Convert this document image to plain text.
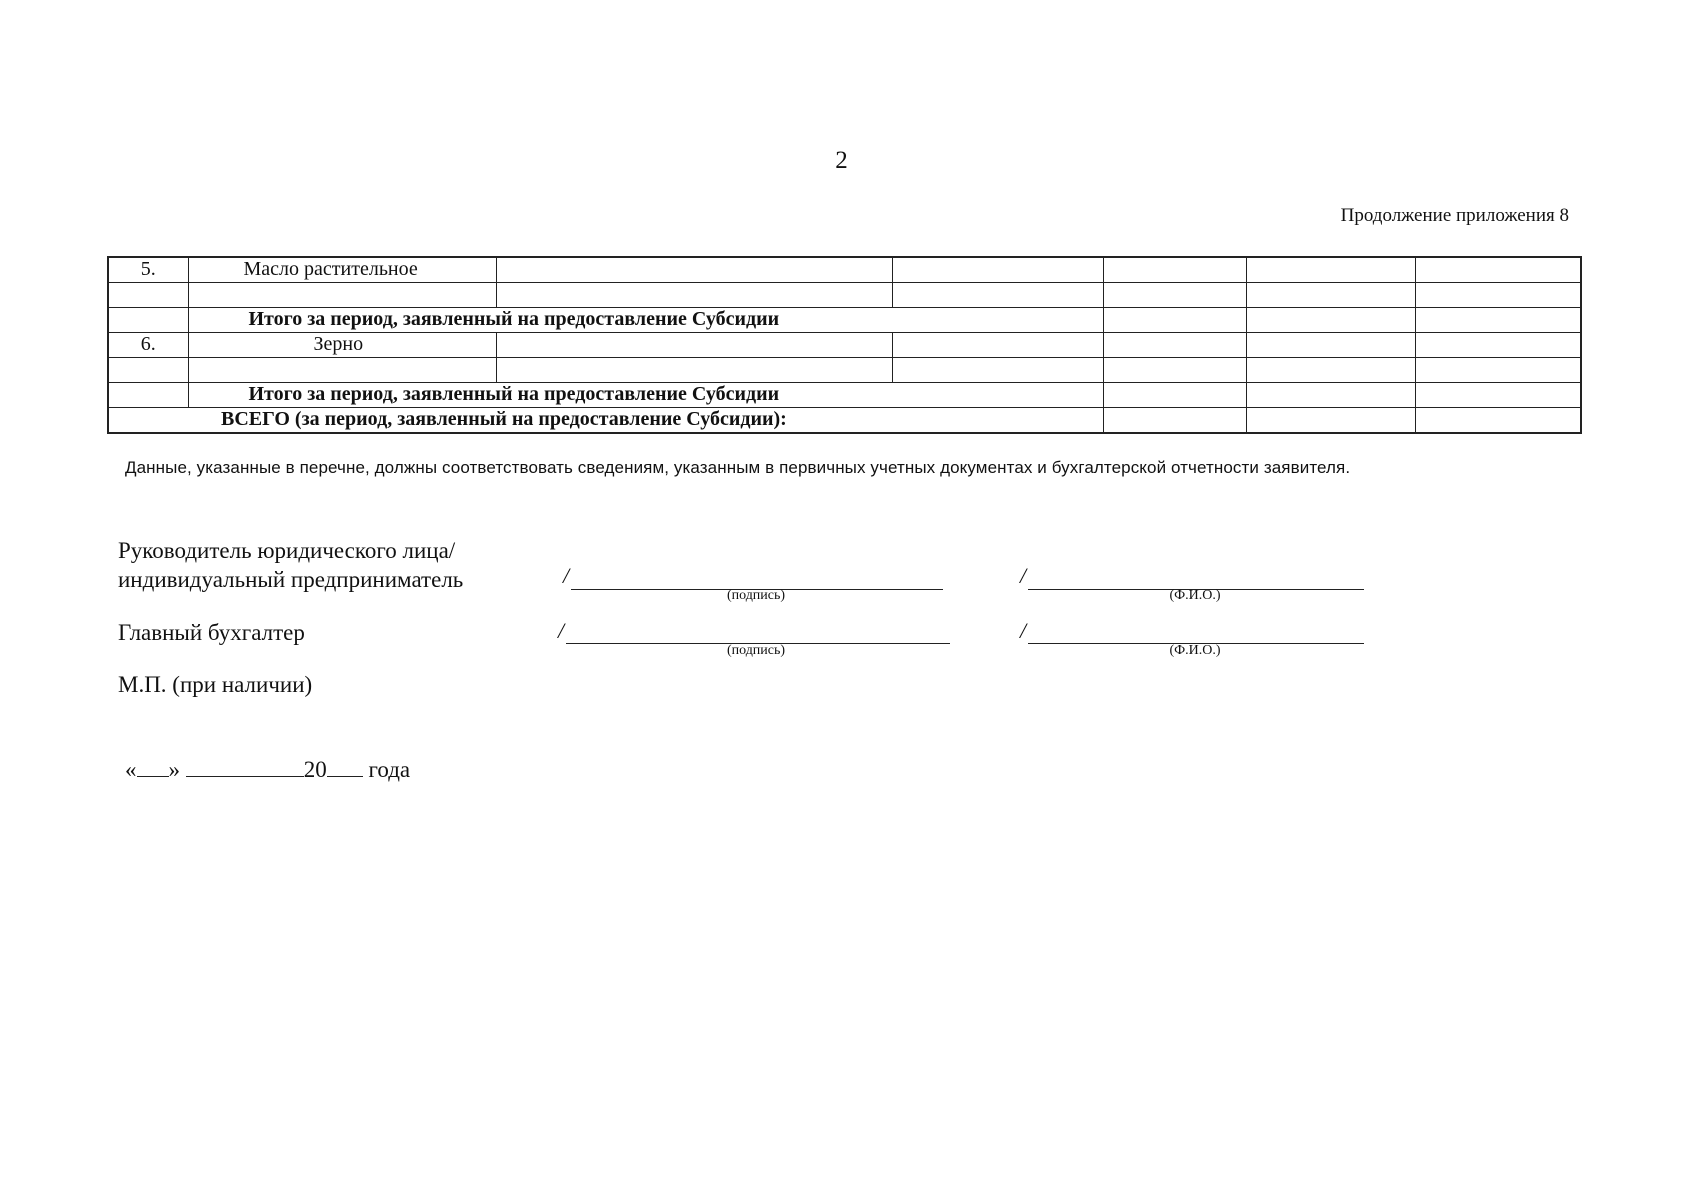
2
Продолжение приложения 8
5.	Масло растительное					

	Итого за период, заявленный на предоставление Субсидии					
6.	Зерно					

	Итого за период, заявленный на предоставление Субсидии					
ВСЕГО (за период, заявленный на предоставление Субсидии):						
Данные, указанные в перечне, должны соответствовать сведениям, указанным в первичных учетных документах и бухгалтерской отчетности заявителя.
Руководитель юридического лица/
индивидуальный предприниматель	/
(подпись)
/
(Ф.И.О.)
Главный бухгалтер	/
(подпись)
/
(Ф.И.О.)
М.П. (при наличии)
« »	20 года
